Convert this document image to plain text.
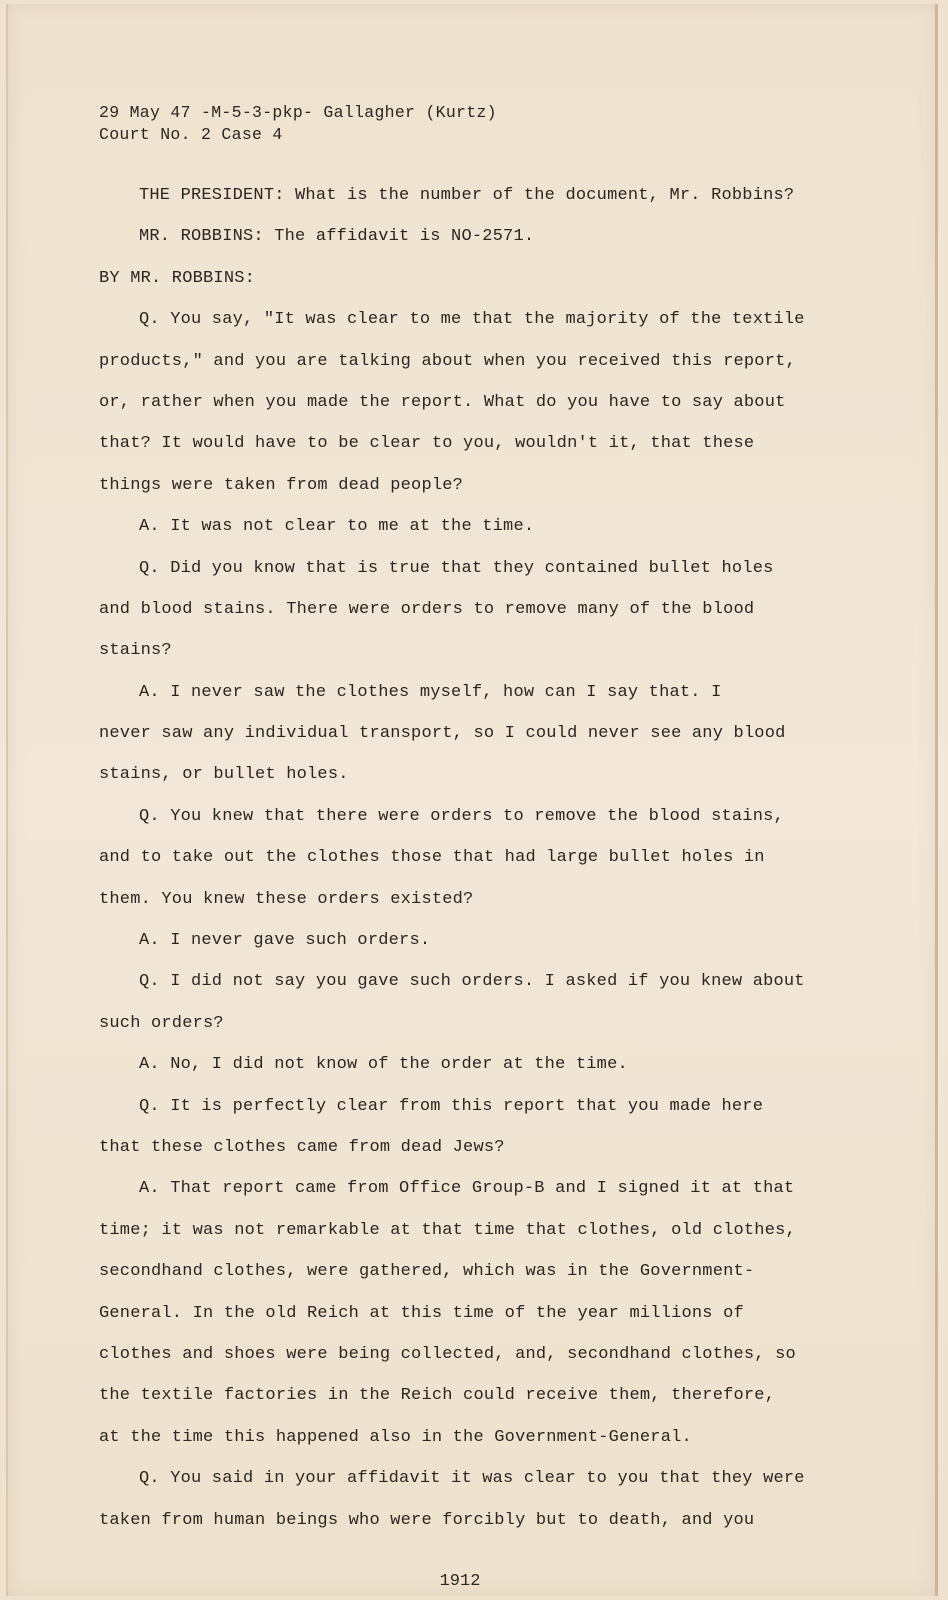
29 May 47 -M-5-3-pkp- Gallagher (Kurtz)
Court No. 2 Case 4
THE PRESIDENT: What is the number of the document, Mr. Robbins?
MR. ROBBINS: The affidavit is NO-2571.
BY MR. ROBBINS:
Q. You say, "It was clear to me that the majority of the textile
products," and you are talking about when you received this report,
or, rather when you made the report. What do you have to say about
that? It would have to be clear to you, wouldn't it, that these
things were taken from dead people?
A. It was not clear to me at the time.
Q. Did you know that is true that they contained bullet holes
and blood stains. There were orders to remove many of the blood
stains?
A. I never saw the clothes myself, how can I say that. I
never saw any individual transport, so I could never see any blood
stains, or bullet holes.
Q. You knew that there were orders to remove the blood stains,
and to take out the clothes those that had large bullet holes in
them. You knew these orders existed?
A. I never gave such orders.
Q. I did not say you gave such orders. I asked if you knew about
such orders?
A. No, I did not know of the order at the time.
Q. It is perfectly clear from this report that you made here
that these clothes came from dead Jews?
A. That report came from Office Group-B and I signed it at that
time; it was not remarkable at that time that clothes, old clothes,
secondhand clothes, were gathered, which was in the Government-
General. In the old Reich at this time of the year millions of
clothes and shoes were being collected, and, secondhand clothes, so
the textile factories in the Reich could receive them, therefore,
at the time this happened also in the Government-General.
Q. You said in your affidavit it was clear to you that they were
taken from human beings who were forcibly but to death, and you
1912
